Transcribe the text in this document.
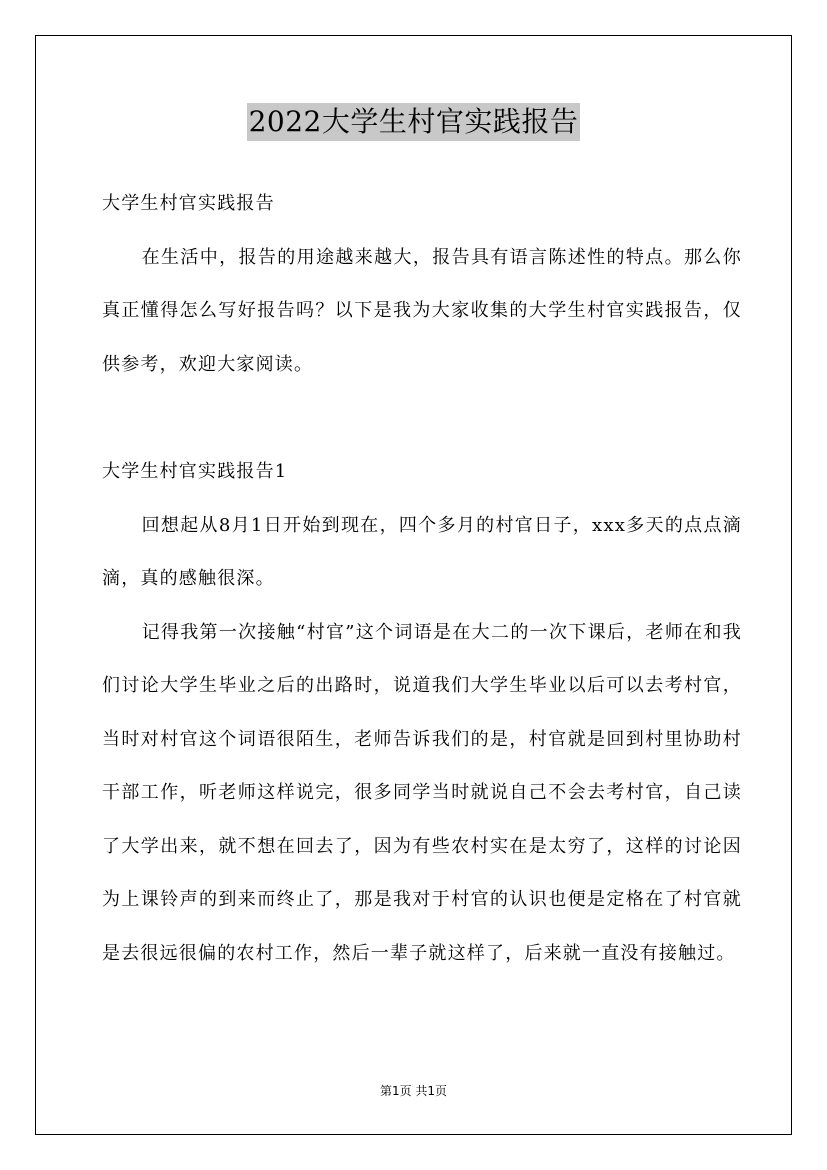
2022大学生村官实践报告

大学生村官实践报告

在生活中，报告的用途越来越大，报告具有语言陈述性的特点。那么你真正懂得怎么写好报告吗？以下是我为大家收集的大学生村官实践报告，仅供参考，欢迎大家阅读。

大学生村官实践报告1

回想起从8月1日开始到现在，四个多月的村官日子，xxx多天的点点滴滴，真的感触很深。

记得我第一次接触“村官”这个词语是在大二的一次下课后，老师在和我们讨论大学生毕业之后的出路时，说道我们大学生毕业以后可以去考村官，当时对村官这个词语很陌生，老师告诉我们的是，村官就是回到村里协助村干部工作，听老师这样说完，很多同学当时就说自己不会去考村官，自己读了大学出来，就不想在回去了，因为有些农村实在是太穷了，这样的讨论因为上课铃声的到来而终止了，那是我对于村官的认识也便是定格在了村官就是去很远很偏的农村工作，然后一辈子就这样了，后来就一直没有接触过。

第1页 共1页
